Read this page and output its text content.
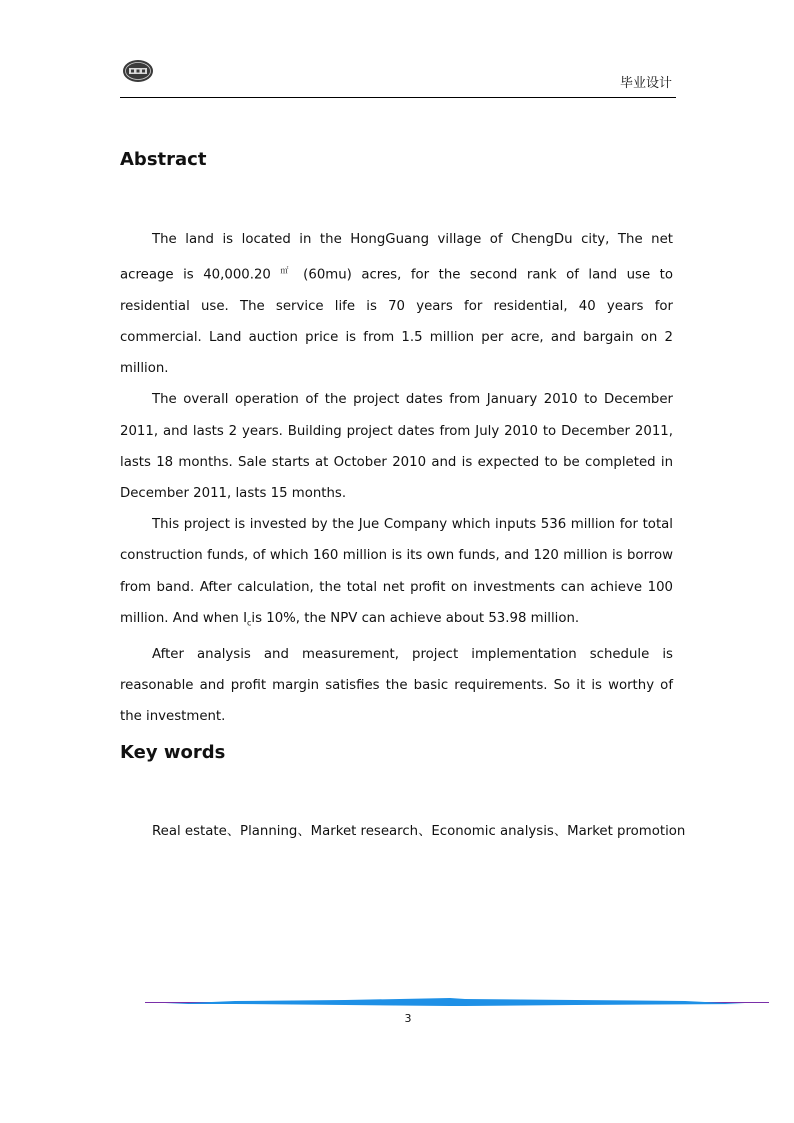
毕业设计
Abstract

The land is located in the HongGuang village of ChengDu city, The net acreage is 40,000.20 ㎡ (60mu) acres, for the second rank of land use to residential use. The service life is 70 years for residential, 40 years for commercial. Land auction price is from 1.5 million per acre, and bargain on 2 million.

The overall operation of the project dates from January 2010 to December 2011, and lasts 2 years. Building project dates from July 2010 to December 2011, lasts 18 months. Sale starts at October 2010 and is expected to be completed in December 2011, lasts 15 months.

This project is invested by the Jue Company which inputs 536 million for total construction funds, of which 160 million is its own funds, and 120 million is borrow from band. After calculation, the total net profit on investments can achieve 100 million. And when $I_cis$ 10%, the NPV can achieve about 53.98 million.

After analysis and measurement, project implementation schedule is reasonable and profit margin satisfies the basic requirements. So it is worthy of the investment.

Key words
Real estate、Planning、Market research、Economic analysis、Market promotion
3
